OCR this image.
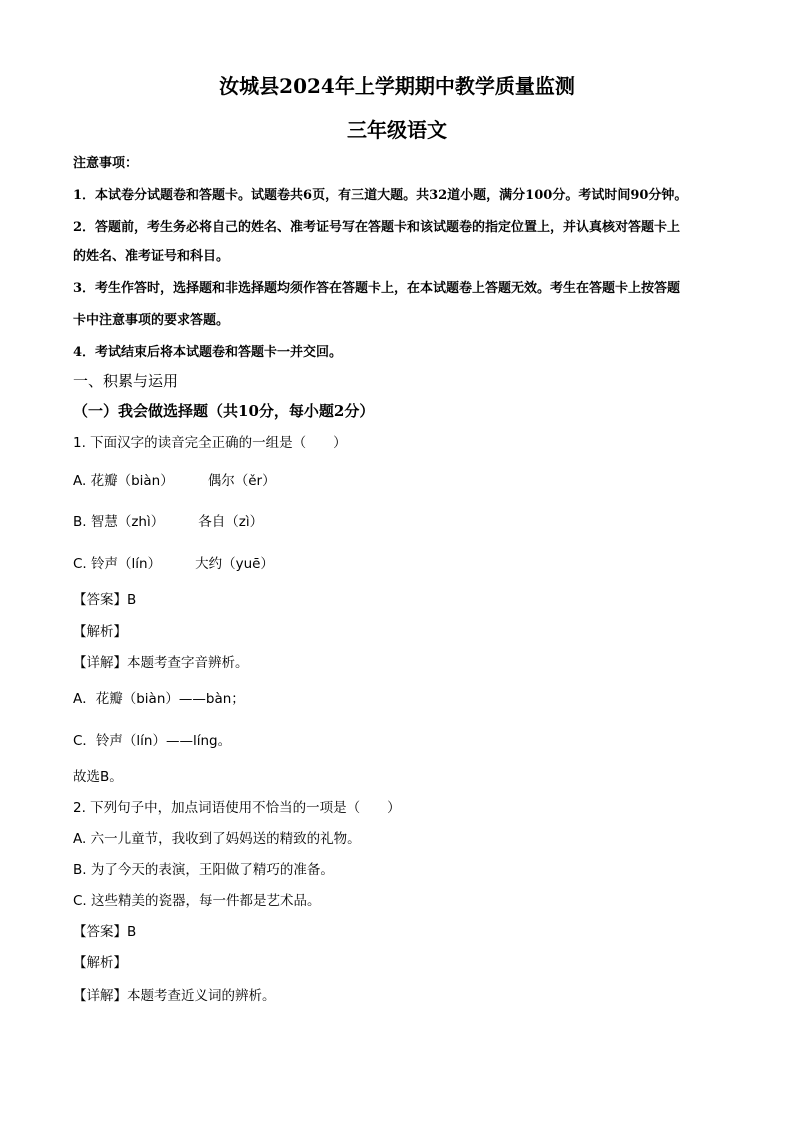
汝城县2024年上学期期中教学质量监测
三年级语文
注意事项：
1．本试卷分试题卷和答题卡。试题卷共6页，有三道大题。共32道小题，满分100分。考试时间90分钟。
2．答题前，考生务必将自己的姓名、准考证号写在答题卡和该试题卷的指定位置上，并认真核对答题卡上
的姓名、准考证号和科目。
3．考生作答时，选择题和非选择题均须作答在答题卡上，在本试题卷上答题无效。考生在答题卡上按答题
卡中注意事项的要求答题。
4．考试结束后将本试题卷和答题卡一并交回。
一、积累与运用
（一）我会做选择题（共10分，每小题2分）
1. 下面汉字的读音完全正确的一组是（　　）
A. 花瓣（biàn）	偶尔（ěr）
B. 智慧（zhì）	各自（zì）
C. 铃声（lín）	大约（yuē）
【答案】B
【解析】
【详解】本题考查字音辨析。
A．花瓣（biàn）——bàn；
C．铃声（lín）——líng。
故选B。
2. 下列句子中，加点词语使用不恰当的一项是（　　）
A. 六一儿童节，我收到了妈妈送的精致的礼物。
B. 为了今天的表演，王阳做了精巧的准备。
C. 这些精美的瓷器，每一件都是艺术品。
【答案】B
【解析】
【详解】本题考查近义词的辨析。
